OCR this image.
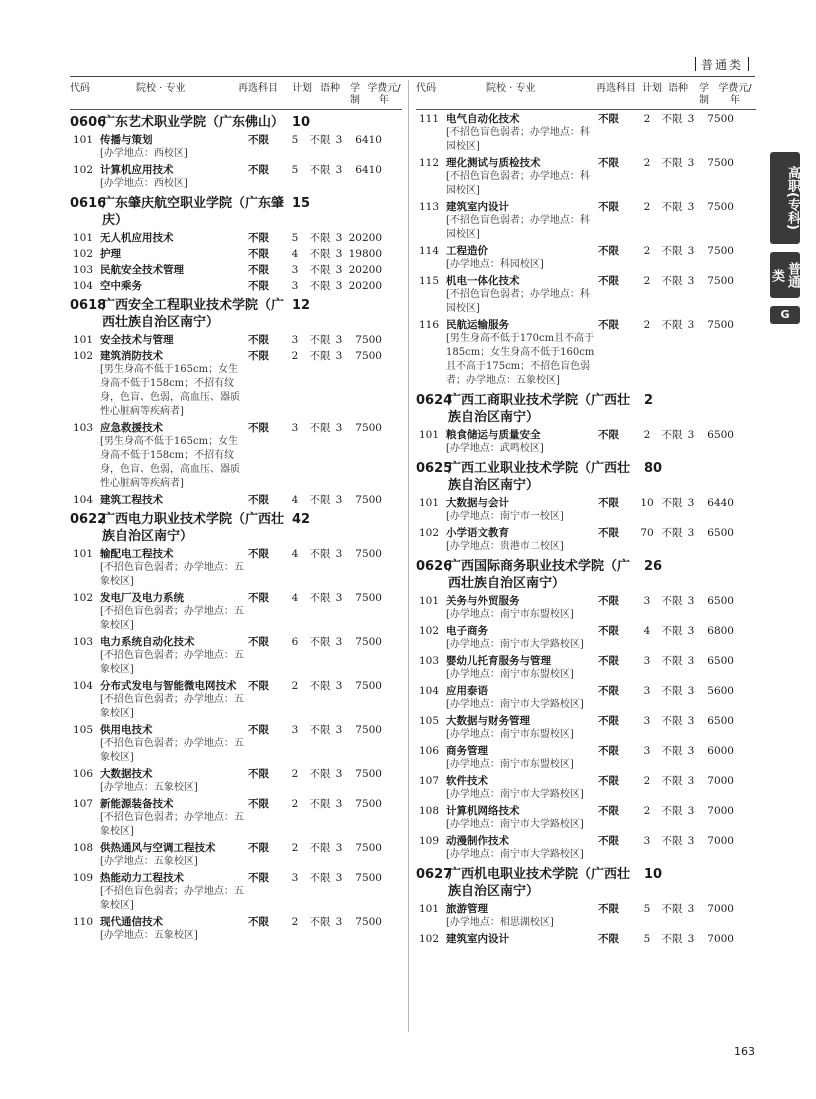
普通类
代码	院校 · 专业	再选科目 计划 语种 学制
学费元/年
0606
广东艺术职业学院（广东佛山） 10
101 传播与策划
[办学地点：西校区]
不限	5	不限 3	6410
102 计算机应用技术
[办学地点：西校区]
不限	5	不限 3	6410
0616
广东肇庆航空职业学院（广东肇庆）
15
101 无人机应用技术	不限	5	不限 3 20200
102 护理	不限	4	不限 3 19800
103 民航安全技术管理	不限	3	不限 3 20200
104 空中乘务	不限	3	不限 3 20200
0618
广西安全工程职业技术学院（广西壮族自治区南宁）
12
101 安全技术与管理	不限	3	不限 3	7500
102 建筑消防技术
[男生身高不低于165cm；女生身高不低于158cm；不招有纹身，色盲、色弱，高血压、器质性心脏病等疾病者]
不限	2	不限 3	7500
103 应急救援技术
[男生身高不低于165cm；女生身高不低于158cm；不招有纹身，色盲、色弱，高血压、器质性心脏病等疾病者]
不限	3	不限 3	7500
104 建筑工程技术	不限	4	不限 3	7500
0622
广西电力职业技术学院（广西壮族自治区南宁）
42
101 输配电工程技术
[不招色盲色弱者；办学地点：五象校区]
不限	4	不限 3	7500
102 发电厂及电力系统
[不招色盲色弱者；办学地点：五象校区]
不限	4	不限 3	7500
103 电力系统自动化技术
[不招色盲色弱者；办学地点：五象校区]
不限	6	不限 3	7500
104 分布式发电与智能微电网技术
[不招色盲色弱者；办学地点：五象校区]
不限	2	不限 3	7500
105 供用电技术
[不招色盲色弱者；办学地点：五象校区]
不限	3	不限 3	7500
106 大数据技术
[办学地点：五象校区]
不限	2	不限 3	7500
107 新能源装备技术
[不招色盲色弱者；办学地点：五象校区]
不限	2	不限 3	7500
108 供热通风与空调工程技术
[办学地点：五象校区]
不限	2	不限 3	7500
109 热能动力工程技术
[不招色盲色弱者；办学地点：五象校区]
不限	3	不限 3	7500
110 现代通信技术
[办学地点：五象校区]
不限	2	不限 3	7500
代码	院校 · 专业	再选科目 计划 语种 学制
学费元/年
111 电气自动化技术
[不招色盲色弱者；办学地点：科园校区]
不限	2	不限 3	7500
112 理化测试与质检技术
[不招色盲色弱者；办学地点：科园校区]
不限	2	不限 3	7500
113 建筑室内设计
[不招色盲色弱者；办学地点：科园校区]
不限	2	不限 3	7500
114 工程造价
[办学地点：科园校区]
不限	2	不限 3	7500
115 机电一体化技术
[不招色盲色弱者；办学地点：科园校区]
不限	2	不限 3	7500
116 民航运输服务
[男生身高不低于170cm且不高于185cm；女生身高不低于160cm且不高于175cm；不招色盲色弱者；办学地点：五象校区]
不限	2	不限 3	7500
0624
广西工商职业技术学院（广西壮族自治区南宁）
2
101 粮食储运与质量安全
[办学地点：武鸣校区]
不限	2	不限 3	6500
0625
广西工业职业技术学院（广西壮族自治区南宁）
80
101 大数据与会计
[办学地点：南宁市一校区]
不限	10 不限 3	6440
102 小学语文教育
[办学地点：贵港市二校区]
不限	70 不限 3	6500
0626
广西国际商务职业技术学院（广西壮族自治区南宁）
26
101 关务与外贸服务
[办学地点：南宁市东盟校区]
不限	3	不限 3	6500
102 电子商务
[办学地点：南宁市大学路校区]
不限	4	不限 3	6800
103 婴幼儿托育服务与管理
[办学地点：南宁市东盟校区]
不限	3	不限 3	6500
104 应用泰语
[办学地点：南宁市大学路校区]
不限	3	不限 3	5600
105 大数据与财务管理
[办学地点：南宁市东盟校区]
不限	3	不限 3	6500
106 商务管理
[办学地点：南宁市东盟校区]
不限	3	不限 3	6000
107 软件技术
[办学地点：南宁市大学路校区]
不限	2	不限 3	7000
108 计算机网络技术
[办学地点：南宁市大学路校区]
不限	2	不限 3	7000
109 动漫制作技术
[办学地点：南宁市大学路校区]
不限	3	不限 3	7000
0627
广西机电职业技术学院（广西壮族自治区南宁）
10
101 旅游管理
[办学地点：相思湖校区]
不限	5	不限 3	7000
102 建筑室内设计	不限	5	不限 3	7000
高职(专科)
普通类
G
163
